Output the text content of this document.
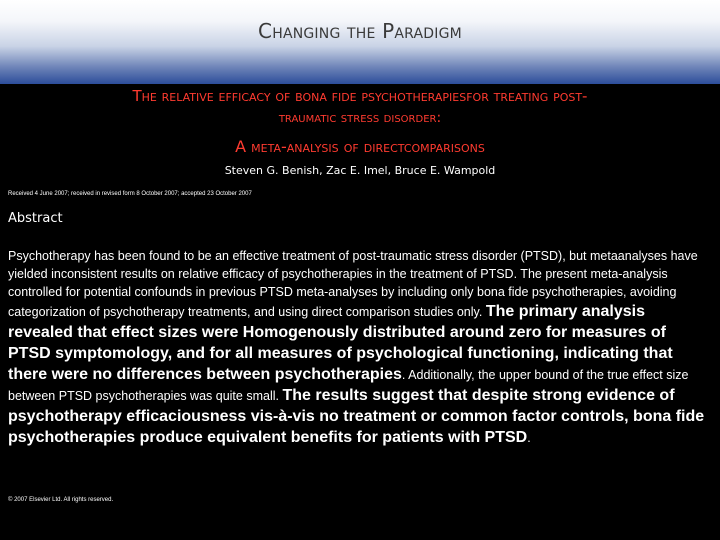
Changing the Paradigm
The relative efficacy of bona fide psychotherapiesfor treating post-
traumatic stress disorder:
A meta-analysis of directcomparisons
Steven G. Benish, Zac E. Imel, Bruce E. Wampold
Received 4 June 2007; received in revised form 8 October 2007; accepted 23 October 2007
Abstract
Psychotherapy has been found to be an effective treatment of post-traumatic stress disorder (PTSD), but metaanalyses have yielded inconsistent results on relative efficacy of psychotherapies in the treatment of PTSD. The present meta-analysis controlled for potential confounds in previous PTSD meta-analyses by including only bona fide psychotherapies, avoiding categorization of psychotherapy treatments, and using direct comparison studies only. The primary analysis revealed that effect sizes were Homogenously distributed around zero for measures of PTSD symptomology, and for all measures of psychological functioning, indicating that there were no differences between psychotherapies. Additionally, the upper bound of the true effect size between PTSD psychotherapies was quite small. The results suggest that despite strong evidence of psychotherapy efficaciousness vis-à-vis no treatment or common factor controls, bona fide psychotherapies produce equivalent benefits for patients with PTSD.
© 2007 Elsevier Ltd. All rights reserved.
